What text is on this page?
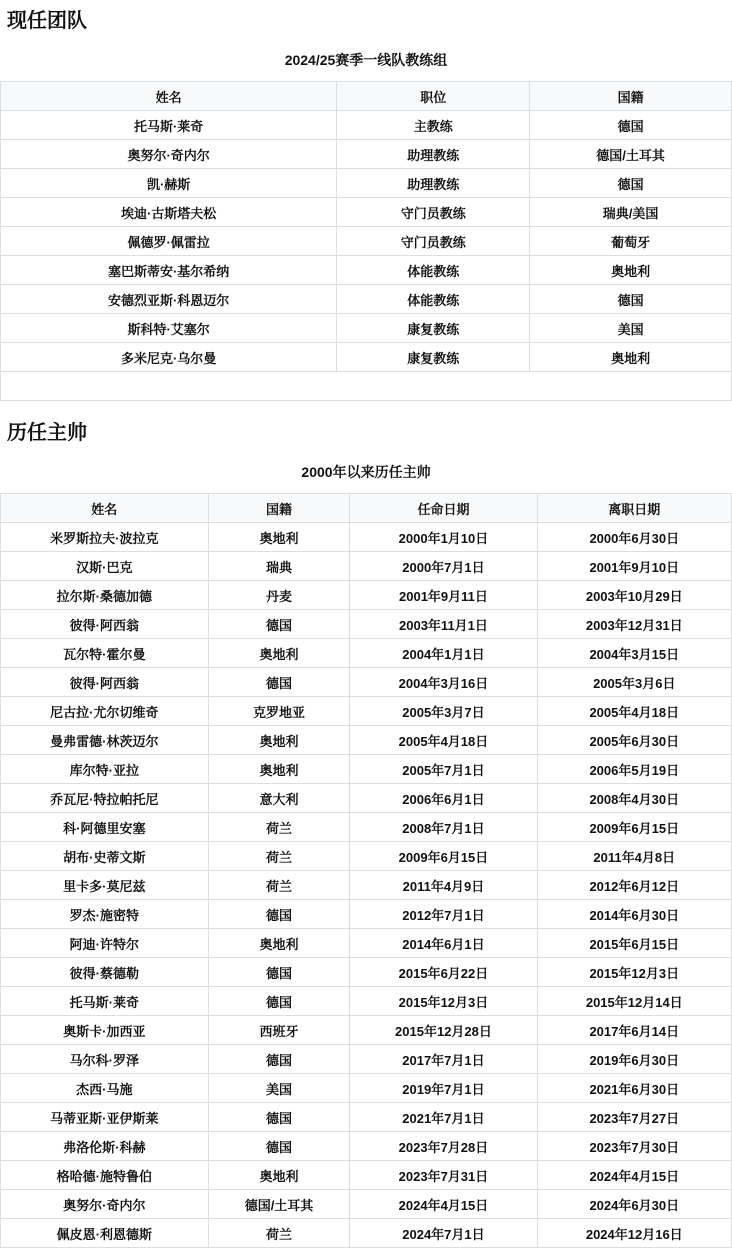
现任团队
2024/25赛季一线队教练组
姓名	职位	国籍
托马斯·莱奇	主教练	德国
奥努尔·奇内尔	助理教练	德国/土耳其
凯·赫斯	助理教练	德国
埃迪·古斯塔夫松	守门员教练	瑞典/美国
佩德罗·佩雷拉	守门员教练	葡萄牙
塞巴斯蒂安·基尔希纳	体能教练	奥地利
安德烈亚斯·科恩迈尔	体能教练	德国
斯科特·艾塞尔	康复教练	美国
多米尼克·乌尔曼	康复教练	奥地利

历任主帅
2000年以来历任主帅
姓名	国籍	任命日期	离职日期
米罗斯拉夫·波拉克	奥地利	2000年1月10日	2000年6月30日
汉斯·巴克	瑞典	2000年7月1日	2001年9月10日
拉尔斯·桑德加德	丹麦	2001年9月11日	2003年10月29日
彼得·阿西翁	德国	2003年11月1日	2003年12月31日
瓦尔特·霍尔曼	奥地利	2004年1月1日	2004年3月15日
彼得·阿西翁	德国	2004年3月16日	2005年3月6日
尼古拉·尤尔切维奇	克罗地亚	2005年3月7日	2005年4月18日
曼弗雷德·林茨迈尔	奥地利	2005年4月18日	2005年6月30日
库尔特·亚拉	奥地利	2005年7月1日	2006年5月19日
乔瓦尼·特拉帕托尼	意大利	2006年6月1日	2008年4月30日
科·阿德里安塞	荷兰	2008年7月1日	2009年6月15日
胡布·史蒂文斯	荷兰	2009年6月15日	2011年4月8日
里卡多·莫尼兹	荷兰	2011年4月9日	2012年6月12日
罗杰·施密特	德国	2012年7月1日	2014年6月30日
阿迪·许特尔	奥地利	2014年6月1日	2015年6月15日
彼得·蔡德勒	德国	2015年6月22日	2015年12月3日
托马斯·莱奇	德国	2015年12月3日	2015年12月14日
奥斯卡·加西亚	西班牙	2015年12月28日	2017年6月14日
马尔科·罗泽	德国	2017年7月1日	2019年6月30日
杰西·马施	美国	2019年7月1日	2021年6月30日
马蒂亚斯·亚伊斯莱	德国	2021年7月1日	2023年7月27日
弗洛伦斯·科赫	德国	2023年7月28日	2023年7月30日
格哈德·施特鲁伯	奥地利	2023年7月31日	2024年4月15日
奥努尔·奇内尔	德国/土耳其	2024年4月15日	2024年6月30日
佩皮恩·利恩德斯	荷兰	2024年7月1日	2024年12月16日
